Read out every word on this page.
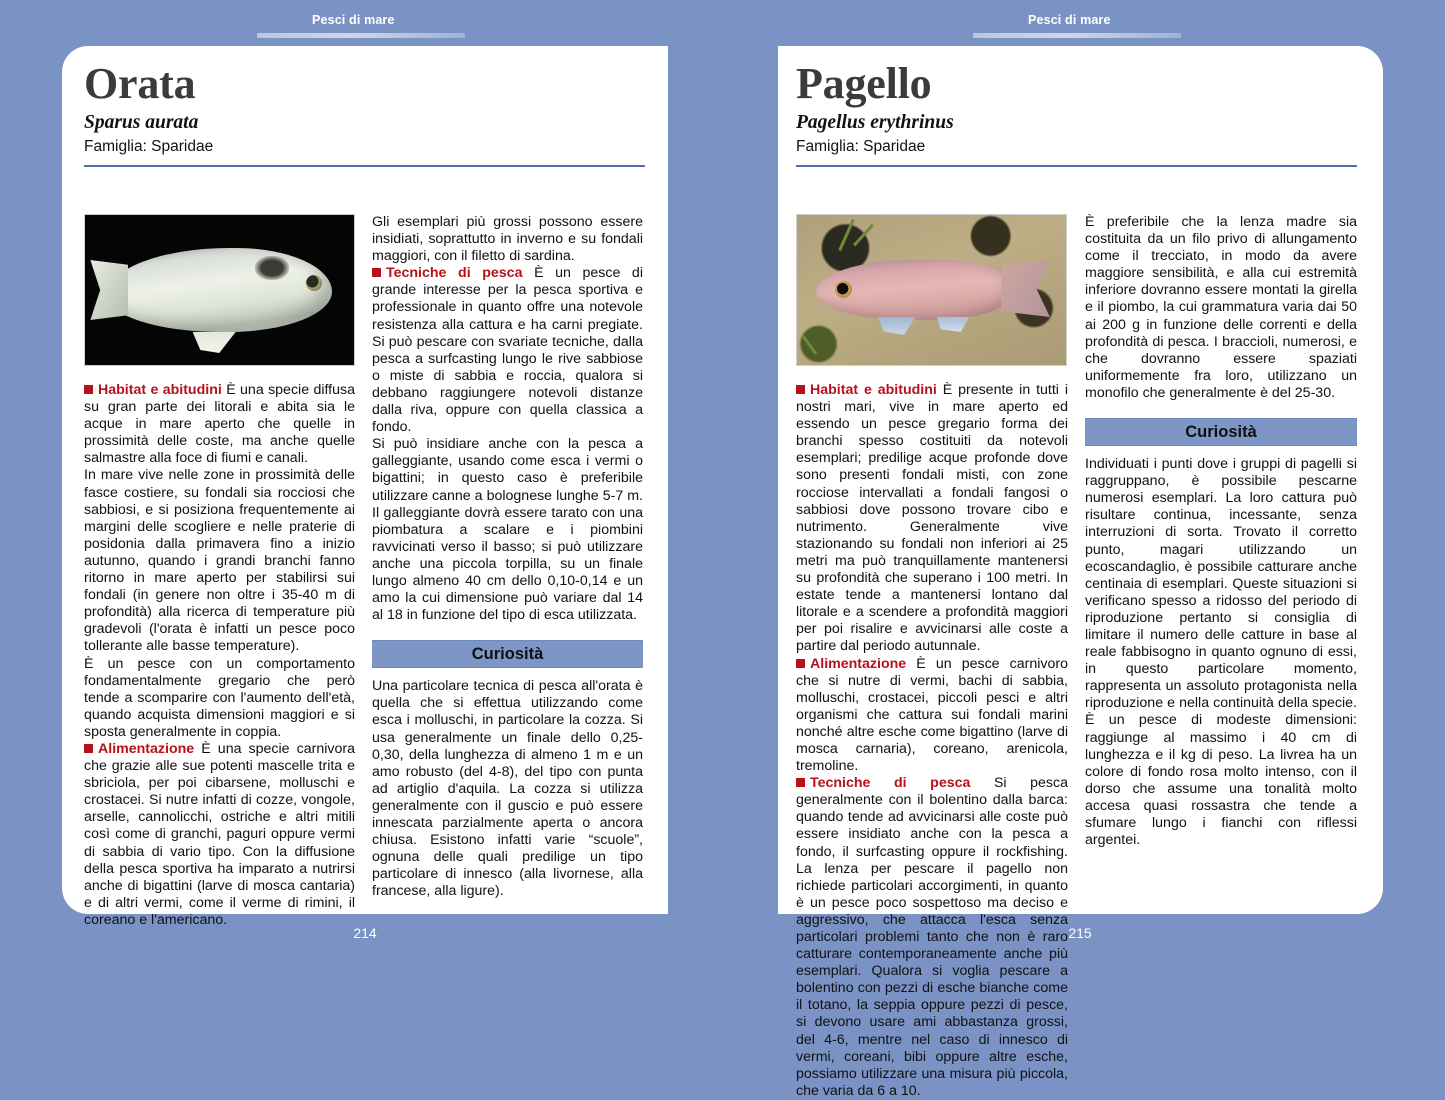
Pesci di mare	Pesci di mare
Orata
Sparus aurata
Famiglia: Sparidae

Habitat e abitudini È una specie diffusa su gran parte dei litorali e abita sia le acque in mare aperto che quelle in prossimità delle coste, ma anche quelle salmastre alla foce di fiumi e canali.

In mare vive nelle zone in prossimità delle fasce costiere, su fondali sia rocciosi che sabbiosi, e si posiziona frequentemente ai margini delle scogliere e nelle praterie di posidonia dalla primavera fino a inizio autunno, quando i grandi branchi fanno ritorno in mare aperto per stabilirsi sui fondali (in genere non oltre i 35-40 m di profondità) alla ricerca di temperature più gradevoli (l'orata è infatti un pesce poco tollerante alle basse temperature).

È un pesce con un comportamento fondamentalmente gregario che però tende a scomparire con l'aumento dell'età, quando acquista dimensioni maggiori e si sposta generalmente in coppia.

Alimentazione È una specie carnivora che grazie alle sue potenti mascelle trita e sbriciola, per poi cibarsene, molluschi e crostacei. Si nutre infatti di cozze, vongole, arselle, cannolicchi, ostriche e altri mitili così come di granchi, paguri oppure vermi di sabbia di vario tipo. Con la diffusione della pesca sportiva ha imparato a nutrirsi anche di bigattini (larve di mosca cantaria) e di altri vermi, come il verme di rimini, il coreano e l'americano.

Gli esemplari più grossi possono essere insidiati, soprattutto in inverno e su fondali maggiori, con il filetto di sardina.

Tecniche di pesca È un pesce di grande interesse per la pesca sportiva e professionale in quanto offre una notevole resistenza alla cattura e ha carni pregiate. Si può pescare con svariate tecniche, dalla pesca a surfcasting lungo le rive sabbiose o miste di sabbia e roccia, qualora si debbano raggiungere notevoli distanze dalla riva, oppure con quella classica a fondo.

Si può insidiare anche con la pesca a galleggiante, usando come esca i vermi o bigattini; in questo caso è preferibile utilizzare canne a bolognese lunghe 5-7 m. Il galleggiante dovrà essere tarato con una piombatura a scalare e i piombini ravvicinati verso il basso; si può utilizzare anche una piccola torpilla, su un finale lungo almeno 40 cm dello 0,10-0,14 e un amo la cui dimensione può variare dal 14 al 18 in funzione del tipo di esca utilizzata.

Curiosità

Una particolare tecnica di pesca all'orata è quella che si effettua utilizzando come esca i molluschi, in particolare la cozza. Si usa generalmente un finale dello 0,25-0,30, della lunghezza di almeno 1 m e un amo robusto (del 4-8), del tipo con punta ad artiglio d'aquila. La cozza si utilizza generalmente con il guscio e può essere innescata parzialmente aperta o ancora chiusa. Esistono infatti varie “scuole”, ognuna delle quali predilige un tipo particolare di innesco (alla livornese, alla francese, alla ligure).

Pagello
Pagellus erythrinus
Famiglia: Sparidae

Habitat e abitudini È presente in tutti i nostri mari, vive in mare aperto ed essendo un pesce gregario forma dei branchi spesso costituiti da notevoli esemplari; predilige acque profonde dove sono presenti fondali misti, con zone rocciose intervallati a fondali fangosi o sabbiosi dove possono trovare cibo e nutrimento. Generalmente vive stazionando su fondali non inferiori ai 25 metri ma può tranquillamente mantenersi su profondità che superano i 100 metri. In estate tende a mantenersi lontano dal litorale e a scendere a profondità maggiori per poi risalire e avvicinarsi alle coste a partire dal periodo autunnale.

Alimentazione È un pesce carnivoro che si nutre di vermi, bachi di sabbia, molluschi, crostacei, piccoli pesci e altri organismi che cattura sui fondali marini nonché altre esche come bigattino (larve di mosca carnaria), coreano, arenicola, tremoline.

Tecniche di pesca Si pesca generalmente con il bolentino dalla barca: quando tende ad avvicinarsi alle coste può essere insidiato anche con la pesca a fondo, il surfcasting oppure il rockfishing. La lenza per pescare il pagello non richiede particolari accorgimenti, in quanto è un pesce poco sospettoso ma deciso e aggressivo, che attacca l'esca senza particolari problemi tanto che non è raro catturare contemporaneamente anche più esemplari. Qualora si voglia pescare a bolentino con pezzi di esche bianche come il totano, la seppia oppure pezzi di pesce, si devono usare ami abbastanza grossi, del 4-6, mentre nel caso di innesco di vermi, coreani, bibi oppure altre esche, possiamo utilizzare una misura più piccola, che varia da 6 a 10.

È preferibile che la lenza madre sia costituita da un filo privo di allungamento come il trecciato, in modo da avere maggiore sensibilità, e alla cui estremità inferiore dovranno essere montati la girella e il piombo, la cui grammatura varia dai 50 ai 200 g in funzione delle correnti e della profondità di pesca. I braccioli, numerosi, e che dovranno essere spaziati uniformemente fra loro, utilizzano un monofilo che generalmente è del 25-30.

Curiosità

Individuati i punti dove i gruppi di pagelli si raggruppano, è possibile pescarne numerosi esemplari. La loro cattura può risultare continua, incessante, senza interruzioni di sorta. Trovato il corretto punto, magari utilizzando un ecoscandaglio, è possibile catturare anche centinaia di esemplari. Queste situazioni si verificano spesso a ridosso del periodo di riproduzione pertanto si consiglia di limitare il numero delle catture in base al reale fabbisogno in quanto ognuno di essi, in questo particolare momento, rappresenta un assoluto protagonista nella riproduzione e nella continuità della specie. È un pesce di modeste dimensioni: raggiunge al massimo i 40 cm di lunghezza e il kg di peso. La livrea ha un colore di fondo rosa molto intenso, con il dorso che assume una tonalità molto accesa quasi rossastra che tende a sfumare lungo i fianchi con riflessi argentei.

214	215
